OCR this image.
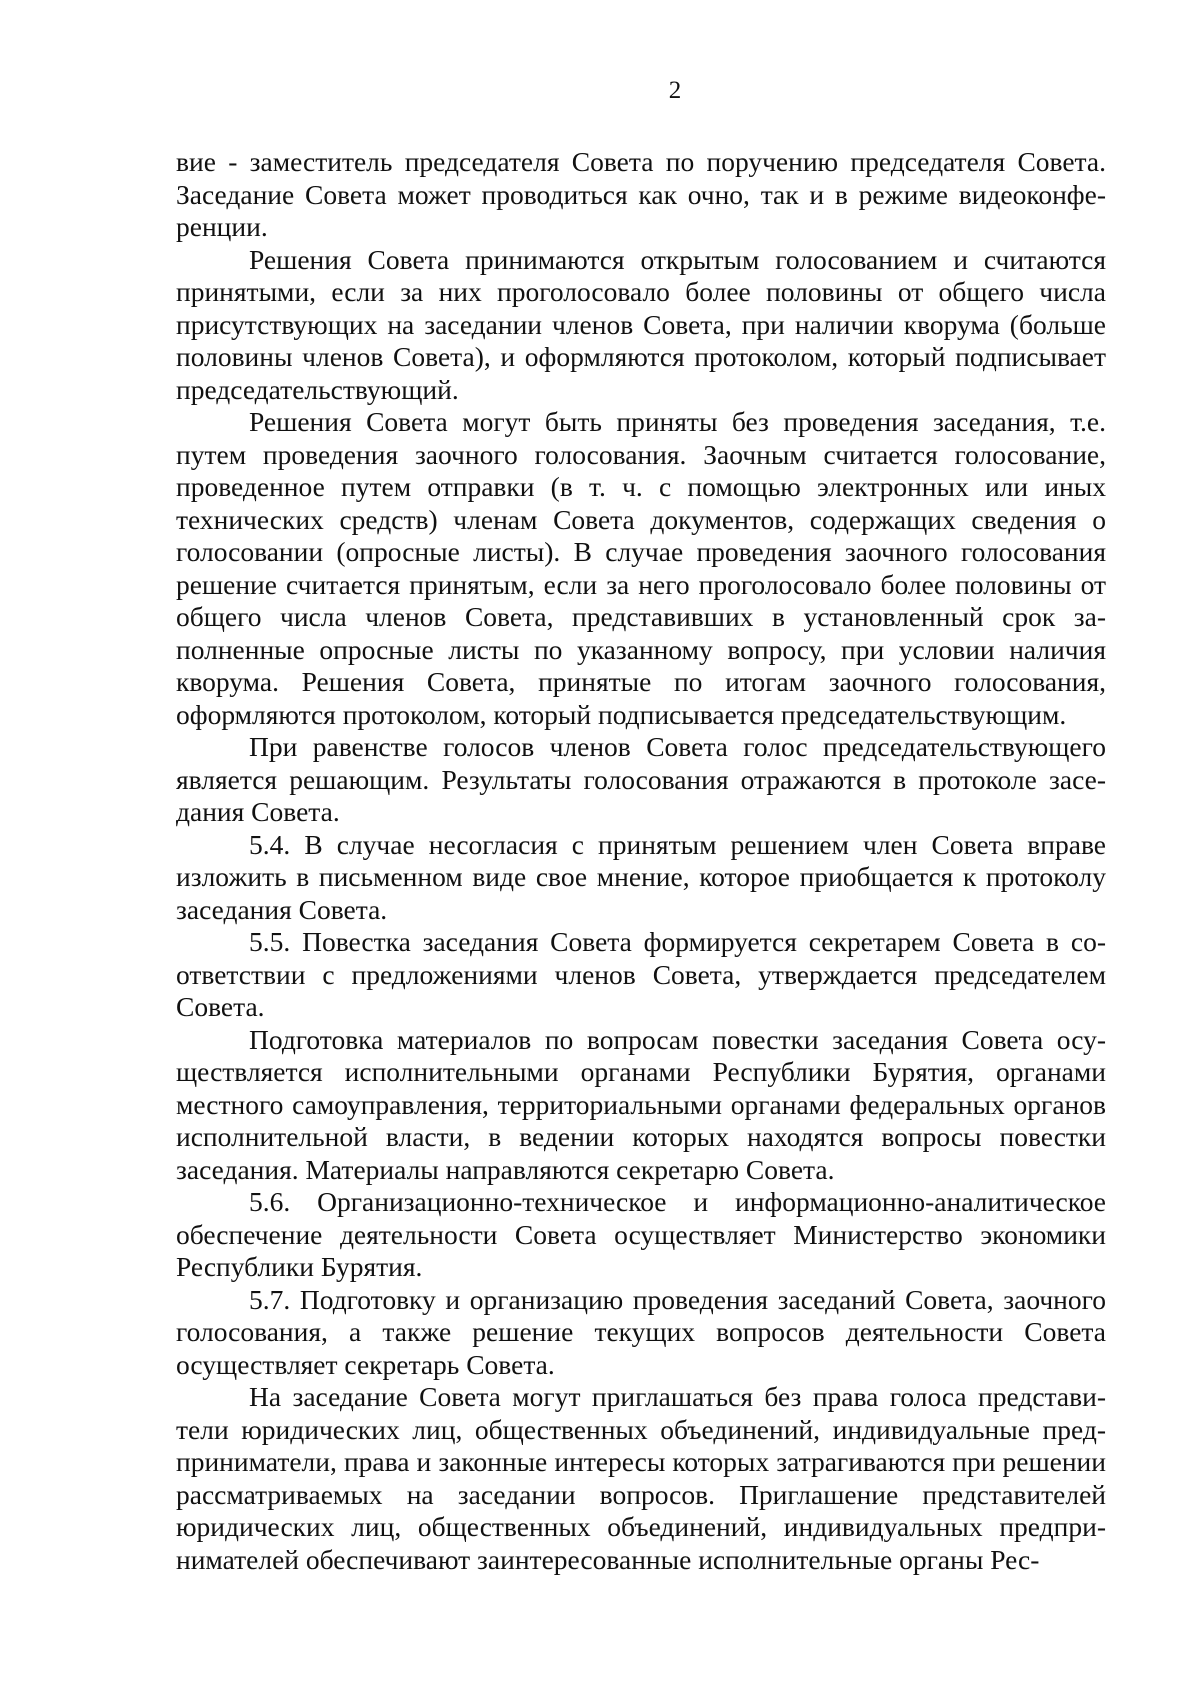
2

вие - заместитель председателя Совета по поручению председателя Совета. Заседание Совета может проводиться как очно, так и в режиме видеоконференции.

Решения Совета принимаются открытым голосованием и считаются принятыми, если за них проголосовало более половины от общего числа присутствующих на заседании членов Совета, при наличии кворума (больше половины членов Совета), и оформляются протоколом, который подписывает председательствующий.

Решения Совета могут быть приняты без проведения заседания, т.е. путем проведения заочного голосования. Заочным считается голосование, проведенное путем отправки (в т. ч. с помощью электронных или иных технических средств) членам Совета документов, содержащих сведения о голосовании (опросные листы). В случае проведения заочного голосования решение считается принятым, если за него проголосовало более половины от общего числа членов Совета, представивших в установленный срок заполненные опросные листы по указанному вопросу, при условии наличия кворума. Решения Совета, принятые по итогам заочного голосования, оформляются протоколом, который подписывается председательствующим.

При равенстве голосов членов Совета голос председательствующего является решающим. Результаты голосования отражаются в протоколе заседания Совета.

5.4. В случае несогласия с принятым решением член Совета вправе изложить в письменном виде свое мнение, которое приобщается к протоколу заседания Совета.

5.5. Повестка заседания Совета формируется секретарем Совета в соответствии с предложениями членов Совета, утверждается председателем Совета.

Подготовка материалов по вопросам повестки заседания Совета осуществляется исполнительными органами Республики Бурятия, органами местного самоуправления, территориальными органами федеральных органов исполнительной власти, в ведении которых находятся вопросы повестки заседания. Материалы направляются секретарю Совета.

5.6. Организационно-техническое и информационно-аналитическое обеспечение деятельности Совета осуществляет Министерство экономики Республики Бурятия.

5.7. Подготовку и организацию проведения заседаний Совета, заочного голосования, а также решение текущих вопросов деятельности Совета осуществляет секретарь Совета.

На заседание Совета могут приглашаться без права голоса представители юридических лиц, общественных объединений, индивидуальные предприниматели, права и законные интересы которых затрагиваются при решении рассматриваемых на заседании вопросов. Приглашение представителей юридических лиц, общественных объединений, индивидуальных предпринимателей обеспечивают заинтересованные исполнительные органы Рес-
